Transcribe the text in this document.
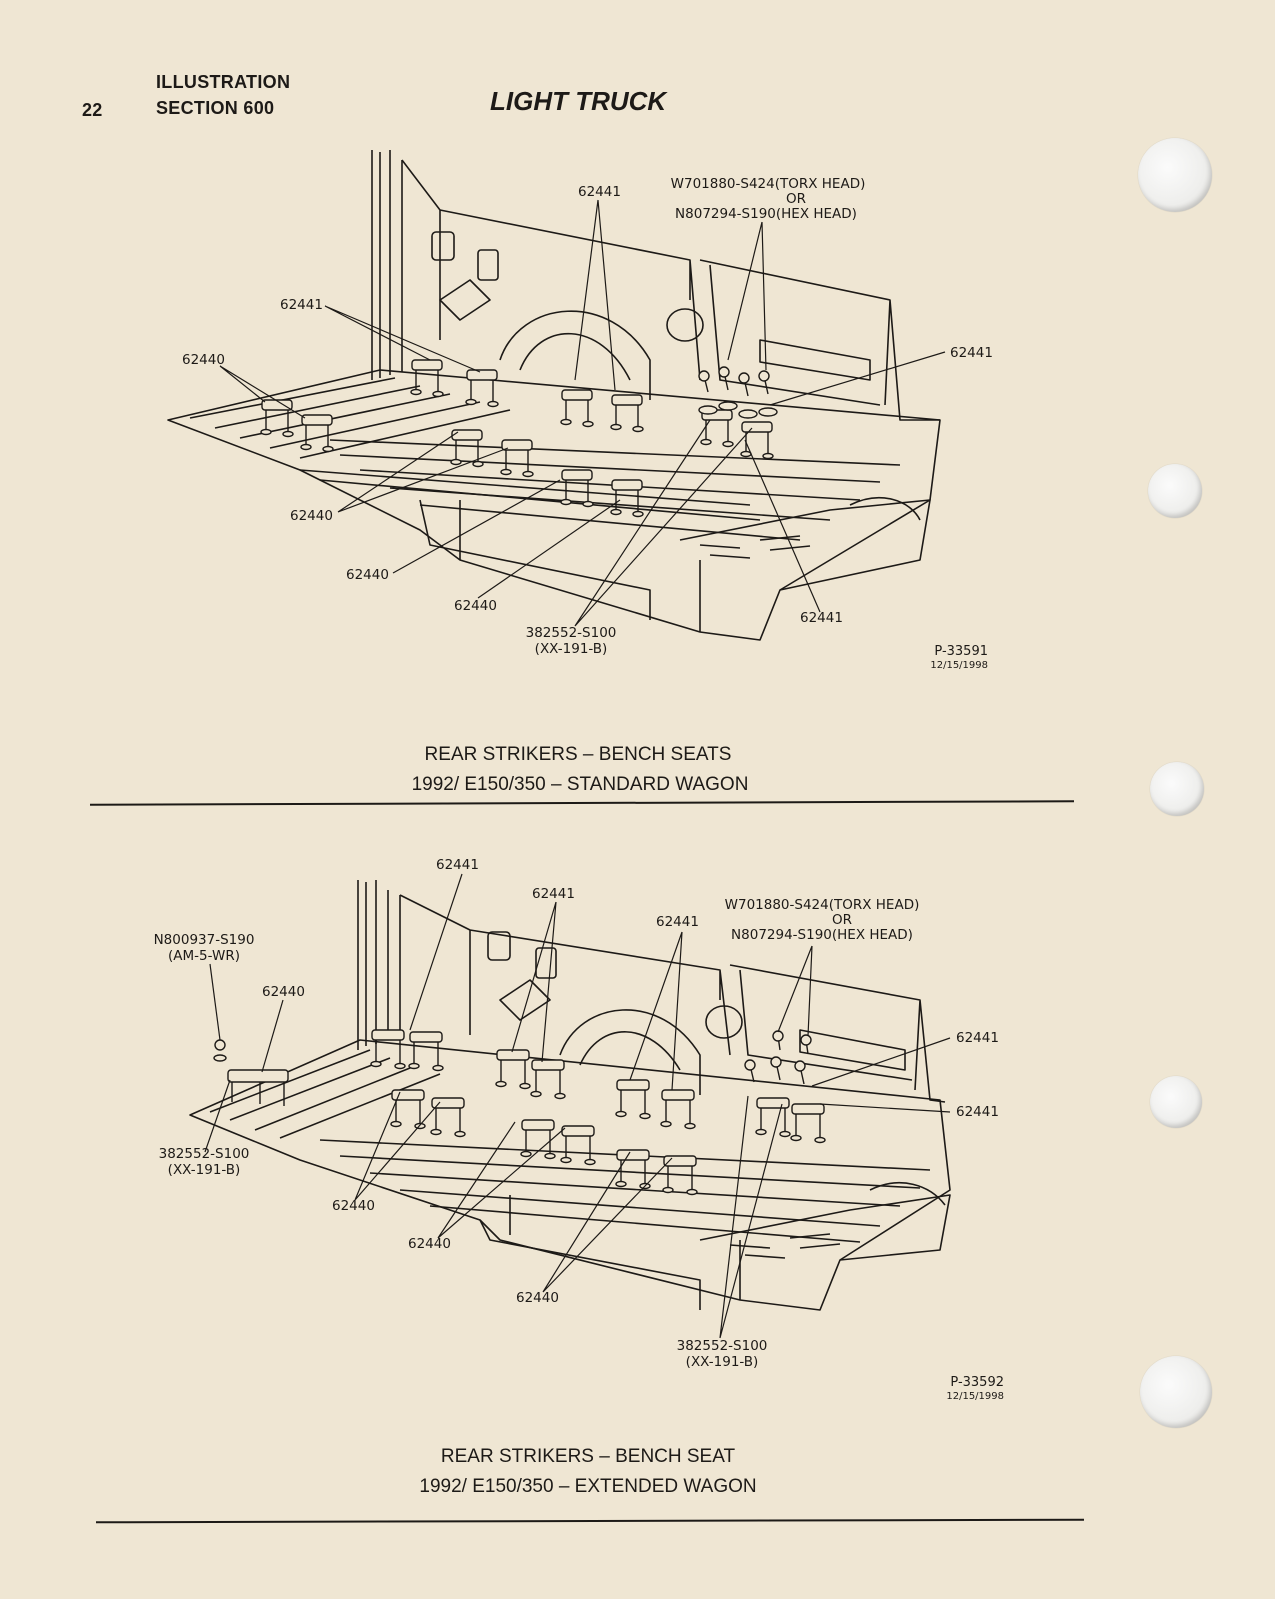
22
ILLUSTRATION
SECTION 600	LIGHT TRUCK
62441	W701880-S424(TORX HEAD)
OR
N807294-S190(HEX HEAD)
62441
62440	62441
62440
62440
62440
382552-S100
(XX-191-B)
62441
P-33591
12/15/1998
REAR STRIKERS – BENCH SEATS
1992/ E150/350 – STANDARD WAGON
62441
62441
62441
W701880-S424(TORX HEAD)
OR
N807294-S190(HEX HEAD)
N800937-S190
(AM-5-WR)
62440
62441
62441
382552-S100
(XX-191-B)
62440
62440
62440
382552-S100
(XX-191-B)
P-33592
12/15/1998
REAR STRIKERS – BENCH SEAT
1992/ E150/350 – EXTENDED WAGON
